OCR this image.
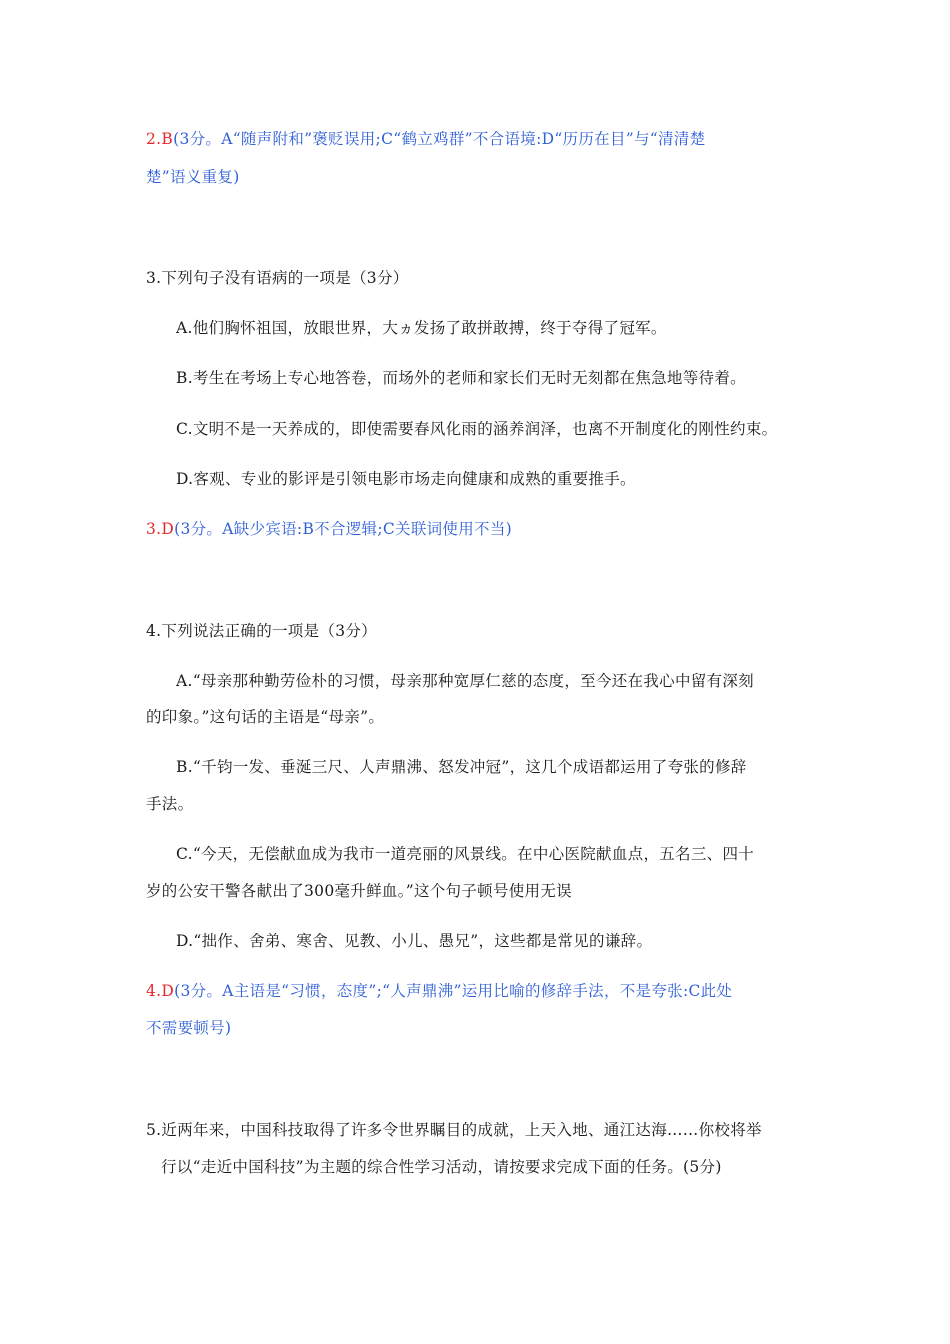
2.B(3分。A“随声附和”褒贬误用;C“鹤立鸡群”不合语境:D“历历在目”与“清清楚
楚”语义重复)
3.下列句子没有语病的一项是（3分）
A.他们胸怀祖国，放眼世界，大ヵ发扬了敢拼敢搏，终于夺得了冠军。
B.考生在考场上专心地答卷，而场外的老师和家长们无时无刻都在焦急地等待着。
C.文明不是一天养成的，即使需要春风化雨的涵养润泽，也离不开制度化的刚性约束。
D.客观、专业的影评是引领电影市场走向健康和成熟的重要推手。
3.D(3分。A缺少宾语:B不合逻辑;C关联词使用不当)
4.下列说法正确的一项是（3分）
A.“母亲那种勤劳俭朴的习惯，母亲那种宽厚仁慈的态度，至今还在我心中留有深刻
的印象。”这句话的主语是“母亲”。
B.“千钧一发、垂涎三尺、人声鼎沸、怒发冲冠”，这几个成语都运用了夸张的修辞
手法。
C.“今天，无偿献血成为我市一道亮丽的风景线。在中心医院献血点，五名三、四十
岁的公安干警各献出了300毫升鲜血。”这个句子顿号使用无误
D.“拙作、舍弟、寒舍、见教、小儿、愚兄”，这些都是常见的谦辞。
4.D(3分。A主语是“习惯，态度”;“人声鼎沸”运用比喻的修辞手法，不是夸张:C此处
不需要顿号)
5.近两年来，中国科技取得了许多令世界瞩目的成就，上天入地、通江达海……你校将举
行以“走近中国科技”为主题的综合性学习活动，请按要求完成下面的任务。(5分)
